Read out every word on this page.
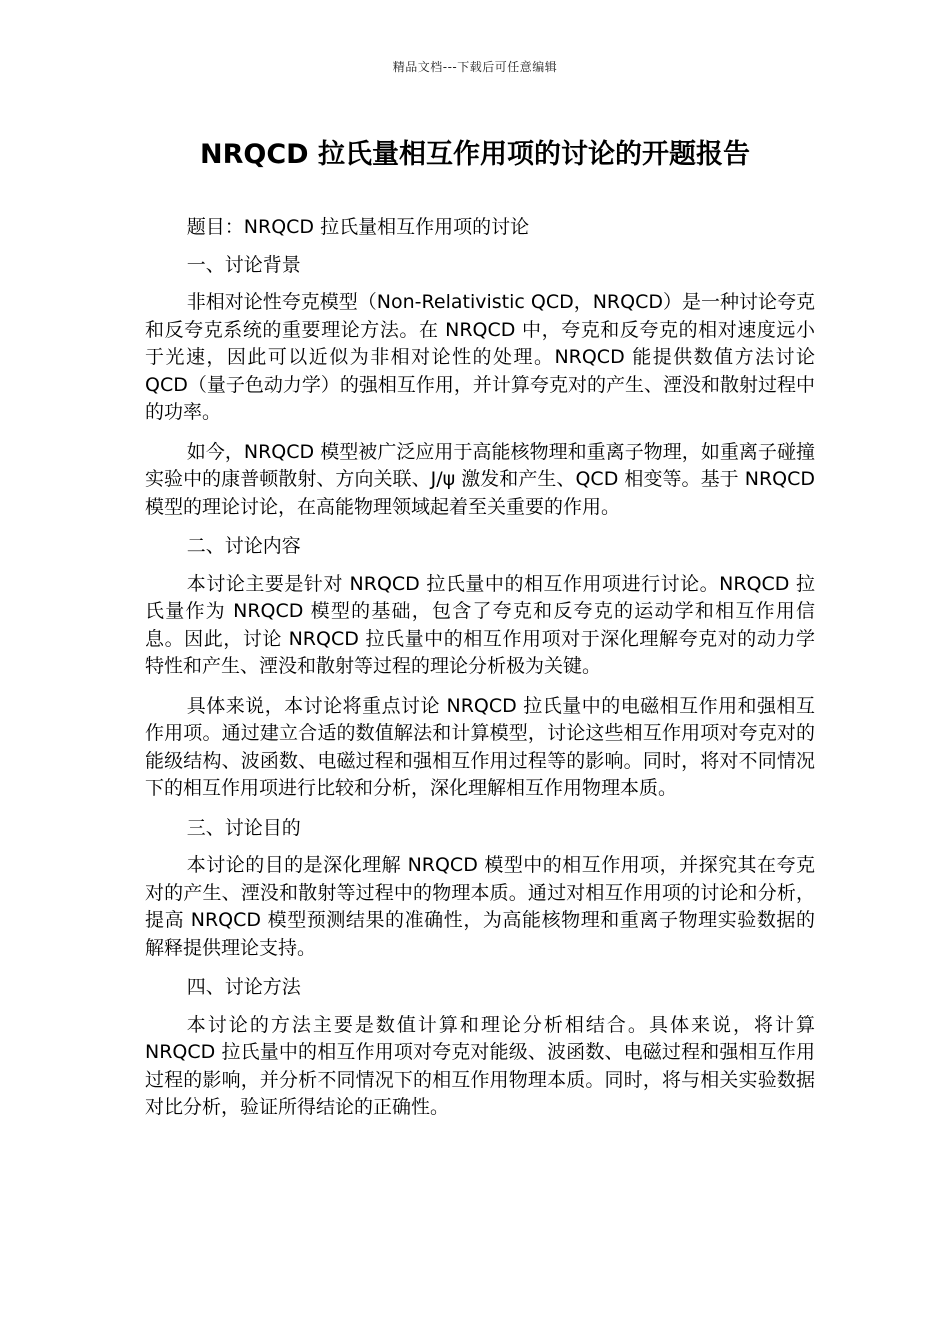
精品文档---下载后可任意编辑
NRQCD 拉氏量相互作用项的讨论的开题报告

题目：NRQCD 拉氏量相互作用项的讨论

一、讨论背景

非相对论性夸克模型（Non-Relativistic QCD，NRQCD）是一种讨论夸克和反夸克系统的重要理论方法。在 NRQCD 中，夸克和反夸克的相对速度远小于光速，因此可以近似为非相对论性的处理。NRQCD 能提供数值方法讨论 QCD（量子色动力学）的强相互作用，并计算夸克对的产生、湮没和散射过程中的功率。

如今，NRQCD 模型被广泛应用于高能核物理和重离子物理，如重离子碰撞实验中的康普顿散射、方向关联、J/ψ 激发和产生、QCD 相变等。基于 NRQCD 模型的理论讨论，在高能物理领域起着至关重要的作用。

二、讨论内容

本讨论主要是针对 NRQCD 拉氏量中的相互作用项进行讨论。NRQCD 拉氏量作为 NRQCD 模型的基础，包含了夸克和反夸克的运动学和相互作用信息。因此，讨论 NRQCD 拉氏量中的相互作用项对于深化理解夸克对的动力学特性和产生、湮没和散射等过程的理论分析极为关键。

具体来说，本讨论将重点讨论 NRQCD 拉氏量中的电磁相互作用和强相互作用项。通过建立合适的数值解法和计算模型，讨论这些相互作用项对夸克对的能级结构、波函数、电磁过程和强相互作用过程等的影响。同时，将对不同情况下的相互作用项进行比较和分析，深化理解相互作用物理本质。

三、讨论目的

本讨论的目的是深化理解 NRQCD 模型中的相互作用项，并探究其在夸克对的产生、湮没和散射等过程中的物理本质。通过对相互作用项的讨论和分析，提高 NRQCD 模型预测结果的准确性，为高能核物理和重离子物理实验数据的解释提供理论支持。

四、讨论方法

本讨论的方法主要是数值计算和理论分析相结合。具体来说，将计算 NRQCD 拉氏量中的相互作用项对夸克对能级、波函数、电磁过程和强相互作用过程的影响，并分析不同情况下的相互作用物理本质。同时，将与相关实验数据对比分析，验证所得结论的正确性。
